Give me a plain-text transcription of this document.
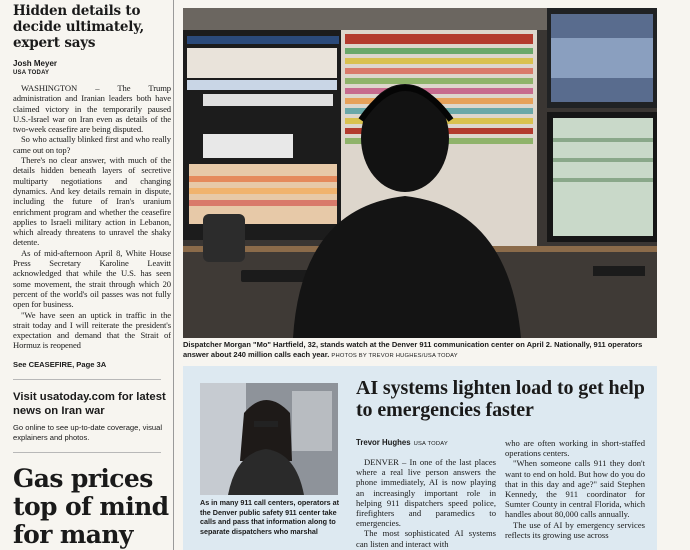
Hidden details to decide ultimately, expert says

Josh Meyer

USA TODAY

WASHINGTON – The Trump administration and Iranian leaders both have claimed victory in the temporarily paused U.S.-Israel war on Iran even as details of the two-week ceasefire are being disputed.

So who actually blinked first and who really came out on top?

There's no clear answer, with much of the details hidden beneath layers of secretive multiparty negotiations and changing dynamics. And key details remain in dispute, including the future of Iran's uranium enrichment program and whether the ceasefire applies to Israeli military action in Lebanon, which already threatens to unravel the shaky detente.

As of mid-afternoon April 8, White House Press Secretary Karoline Leavitt acknowledged that while the U.S. has seen some movement, the strait through which 20 percent of the world's oil passes was not fully open for business.

"We have seen an uptick in traffic in the strait today and I will reiterate the president's expectation and demand that the Strait of Hormuz is reopened

See CEASEFIRE, Page 3A

Visit usatoday.com for latest news on Iran war

Go online to see up-to-date coverage, visual explainers and photos.

Gas prices top of mind for many

Dispatcher Morgan "Mo" Hartfield, 32, stands watch at the Denver 911 communication center on April 2. Nationally, 911 operators answer about 240 million calls each year. PHOTOS BY TREVOR HUGHES/USA TODAY

As in many 911 call centers, operators at the Denver public safety 911 center take calls and pass that information along to separate dispatchers who marshal

AI systems lighten load to get help to emergencies faster

Trevor Hughes USA TODAY

DENVER – In one of the last places where a real live person answers the phone immediately, AI is now playing an increasingly important role in helping 911 dispatchers speed police, firefighters and paramedics to emergencies.

The most sophisticated AI systems can listen and interact with

who are often working in short-staffed operations centers.

"When someone calls 911 they don't want to end on hold. But how do you do that in this day and age?" said Stephen Kennedy, the 911 coordinator for Sumter County in central Florida, which handles about 80,000 calls annually.

The use of AI by emergency services reflects its growing use across
